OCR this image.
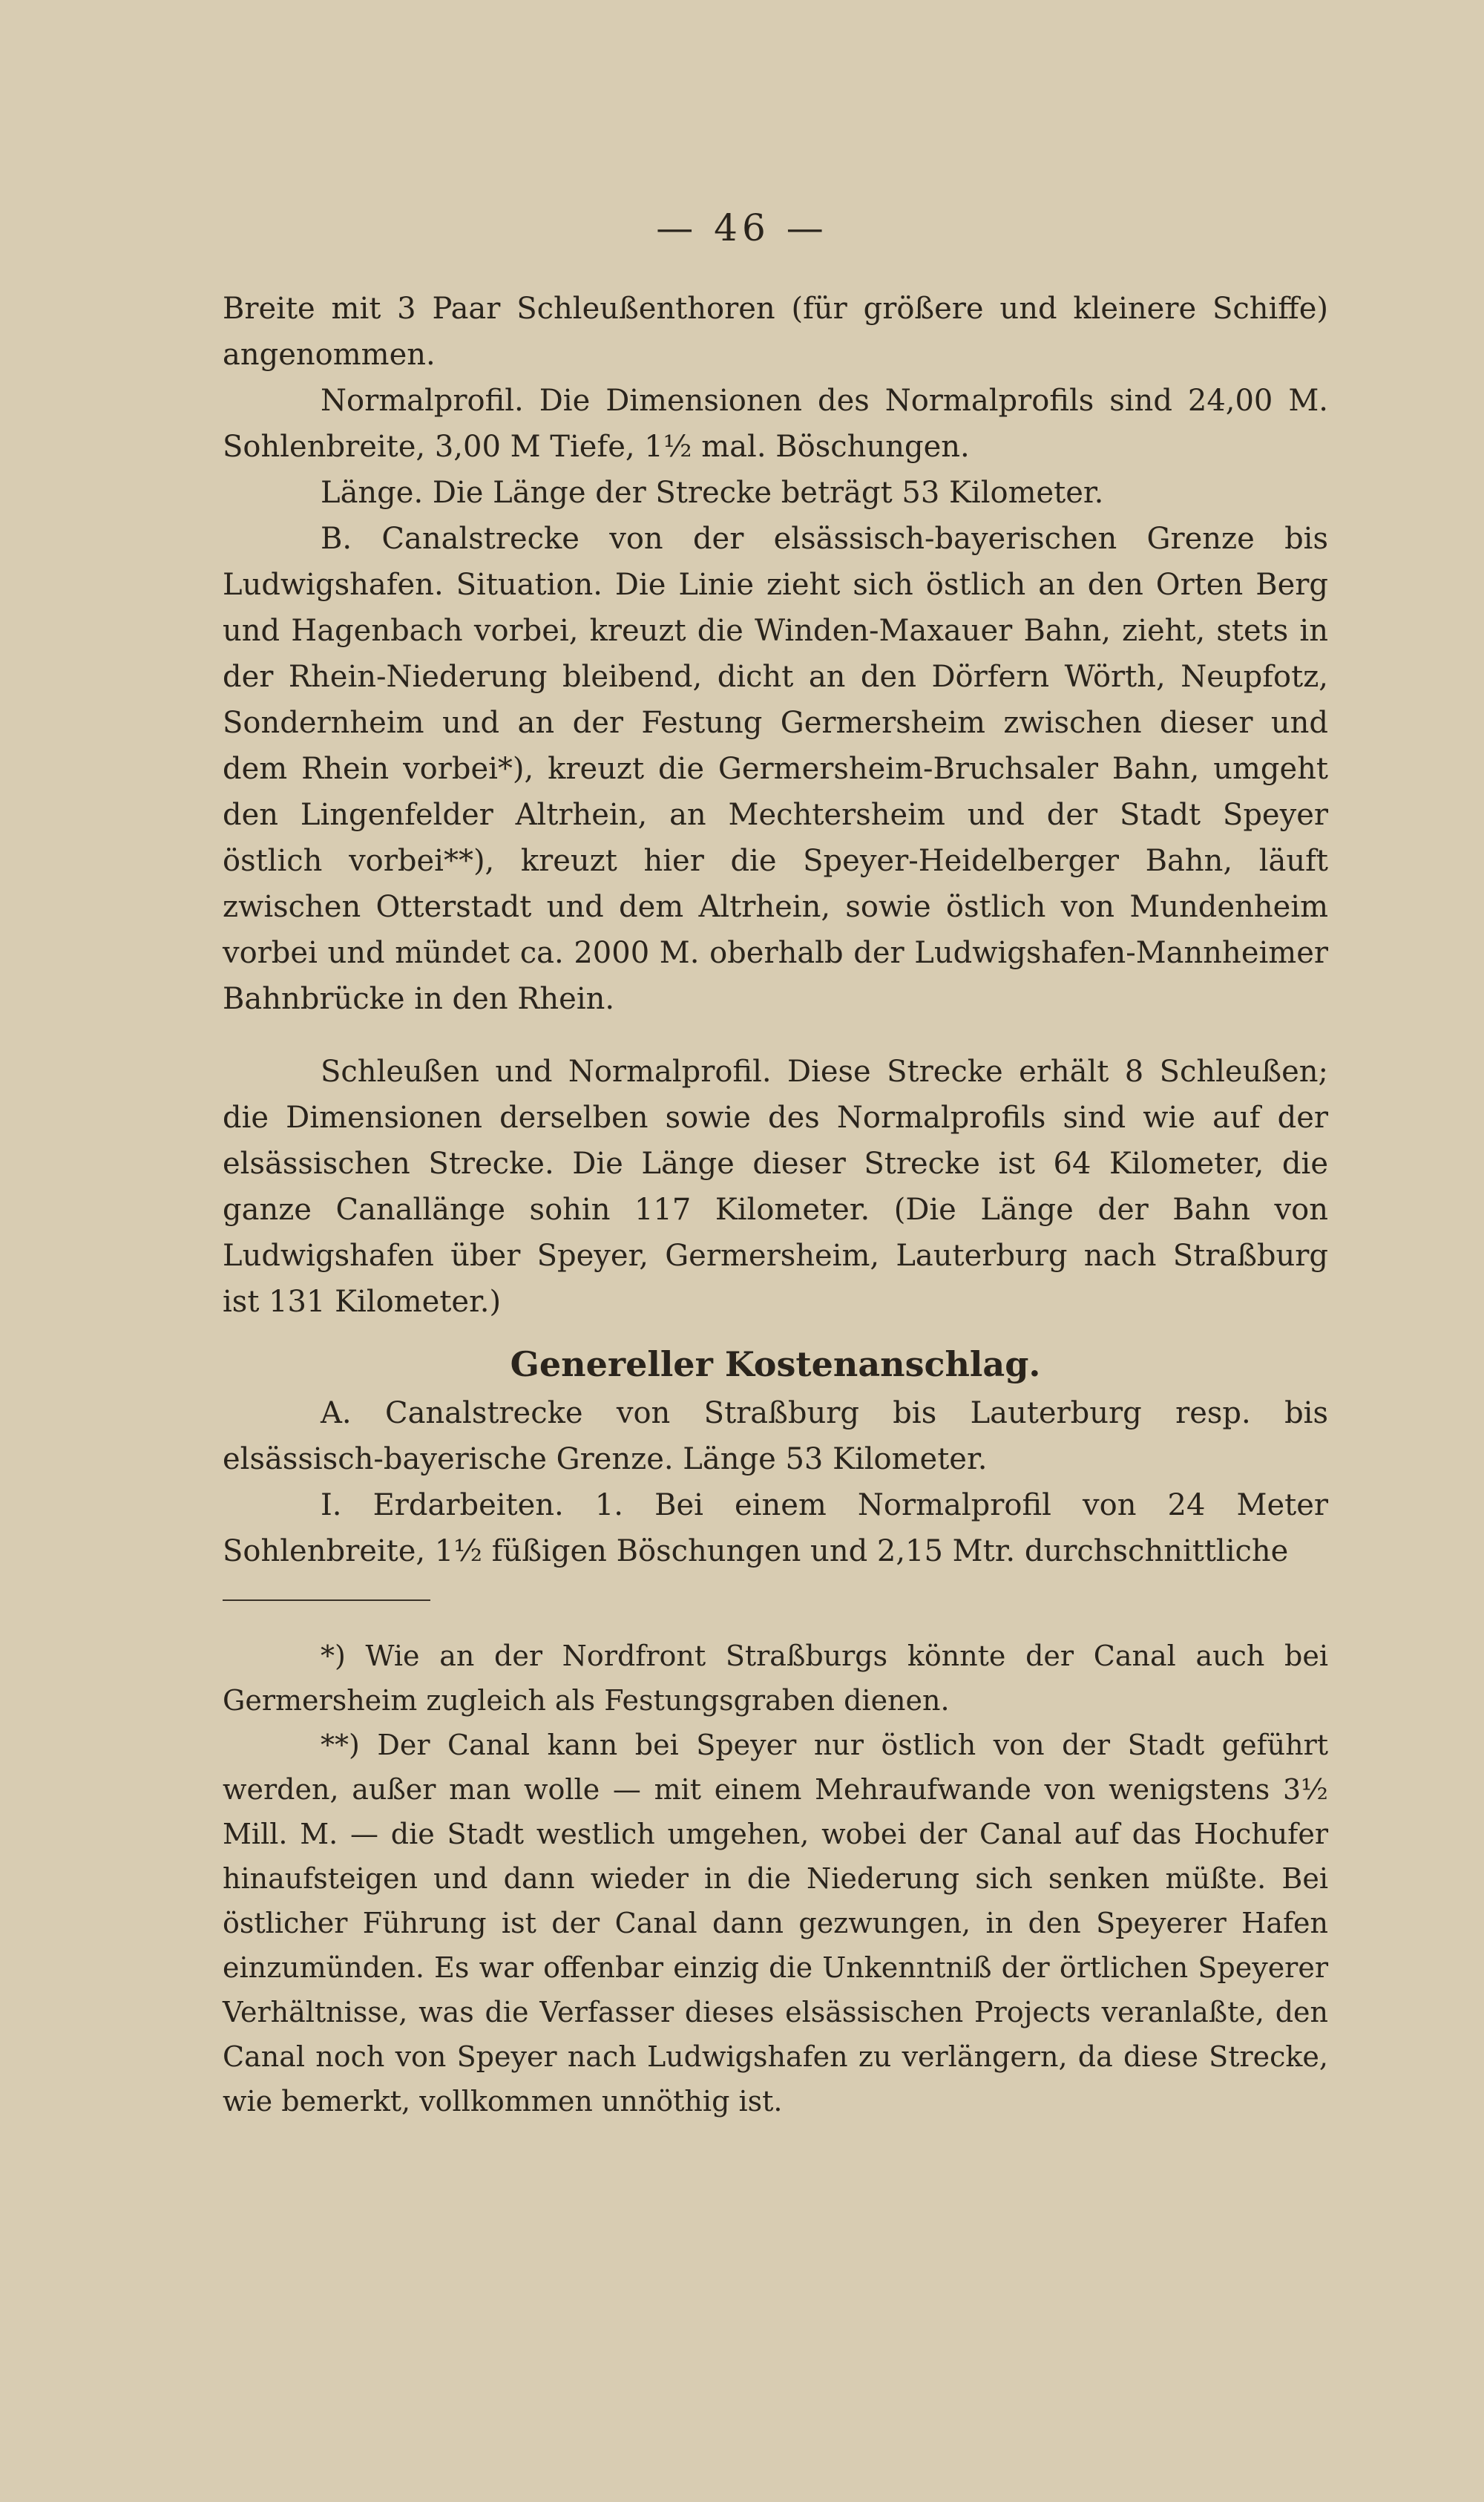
— 46 —

Breite mit 3 Paar Schleußenthoren (für größere und kleinere Schiffe) angenommen.

Normalprofil. Die Dimensionen des Normalprofils sind 24,00 M. Sohlenbreite, 3,00 M Tiefe, 1½ mal. Böschungen.

Länge. Die Länge der Strecke beträgt 53 Kilometer.

B. Canalstrecke von der elsässisch-bayerischen Grenze bis Ludwigshafen. Situation. Die Linie zieht sich östlich an den Orten Berg und Hagenbach vorbei, kreuzt die Winden-Maxauer Bahn, zieht, stets in der Rhein-Niederung bleibend, dicht an den Dörfern Wörth, Neupfotz, Sondernheim und an der Festung Germersheim zwischen dieser und dem Rhein vorbei*), kreuzt die Germersheim-Bruchsaler Bahn, umgeht den Lingenfelder Altrhein, an Mechtersheim und der Stadt Speyer östlich vorbei**), kreuzt hier die Speyer-Heidelberger Bahn, läuft zwischen Otterstadt und dem Altrhein, sowie östlich von Mundenheim vorbei und mündet ca. 2000 M. oberhalb der Ludwigshafen-Mannheimer Bahnbrücke in den Rhein.

Schleußen und Normalprofil. Diese Strecke erhält 8 Schleußen; die Dimensionen derselben sowie des Normalprofils sind wie auf der elsässischen Strecke. Die Länge dieser Strecke ist 64 Kilometer, die ganze Canallänge sohin 117 Kilometer. (Die Länge der Bahn von Ludwigshafen über Speyer, Germersheim, Lauterburg nach Straßburg ist 131 Kilometer.)

Genereller Kostenanschlag.

A. Canalstrecke von Straßburg bis Lauterburg resp. bis elsässisch-bayerische Grenze. Länge 53 Kilometer.

I. Erdarbeiten. 1. Bei einem Normalprofil von 24 Meter Sohlenbreite, 1½ füßigen Böschungen und 2,15 Mtr. durchschnittliche

*) Wie an der Nordfront Straßburgs könnte der Canal auch bei Germersheim zugleich als Festungsgraben dienen.

**) Der Canal kann bei Speyer nur östlich von der Stadt geführt werden, außer man wolle — mit einem Mehraufwande von wenigstens 3½ Mill. M. — die Stadt westlich umgehen, wobei der Canal auf das Hochufer hinaufsteigen und dann wieder in die Niederung sich senken müßte. Bei östlicher Führung ist der Canal dann gezwungen, in den Speyerer Hafen einzumünden. Es war offenbar einzig die Unkenntniß der örtlichen Speyerer Verhältnisse, was die Verfasser dieses elsässischen Projects veranlaßte, den Canal noch von Speyer nach Ludwigshafen zu verlängern, da diese Strecke, wie bemerkt, vollkommen unnöthig ist.
